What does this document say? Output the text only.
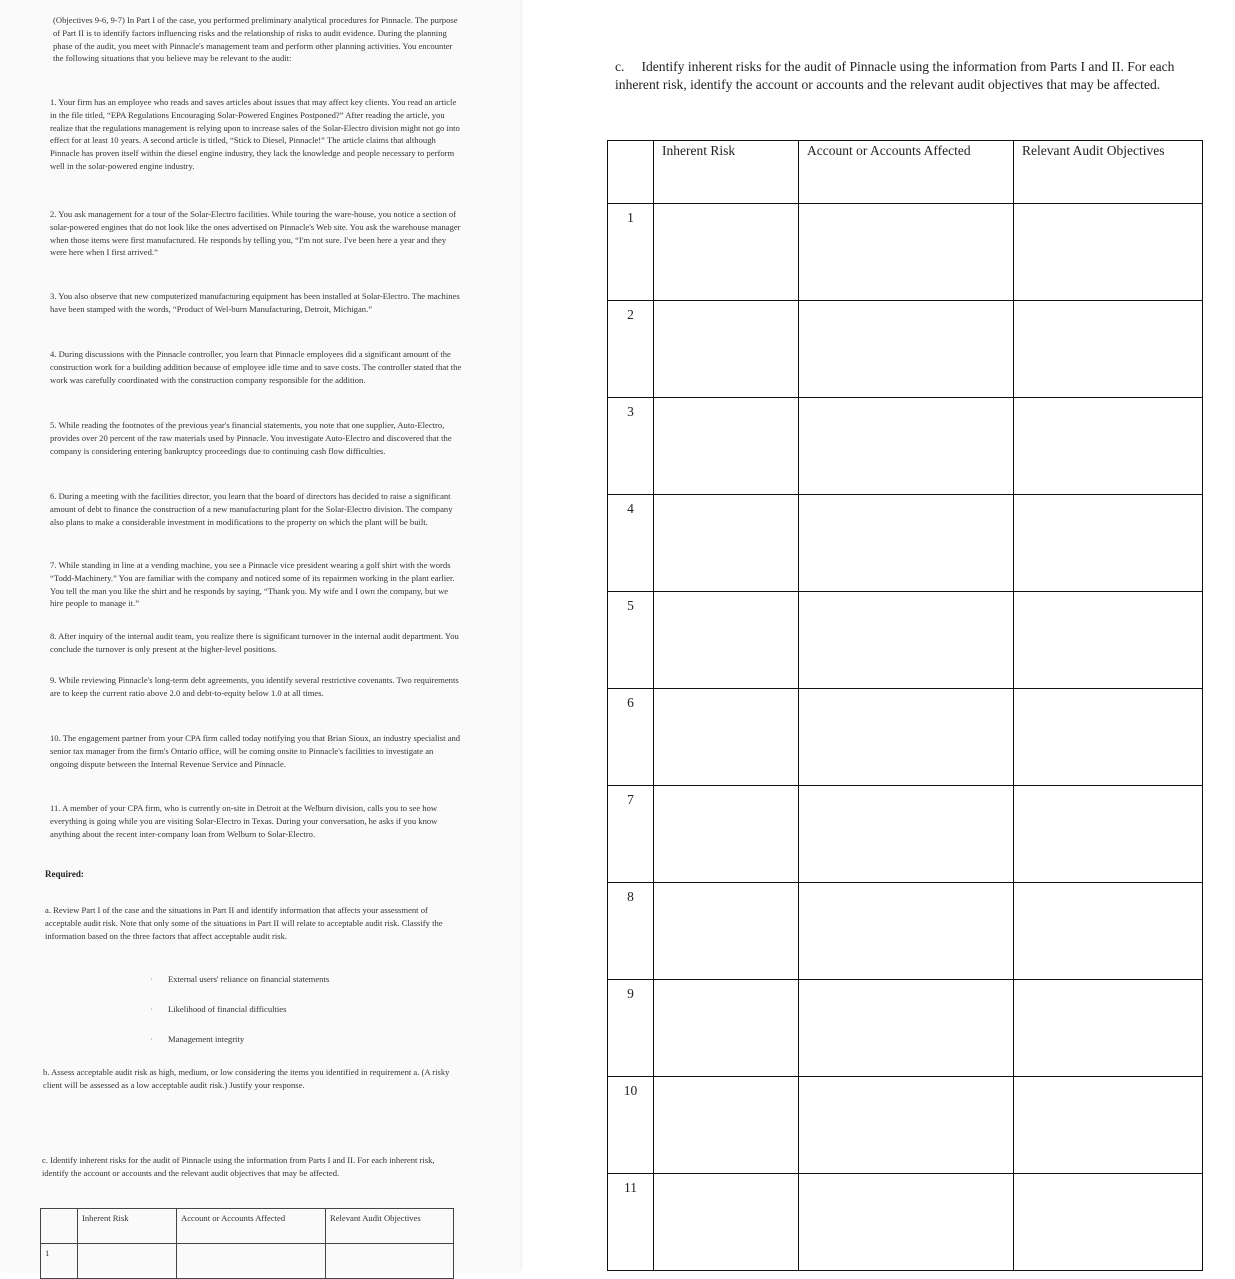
(Objectives 9-6, 9-7) In Part I of the case, you performed preliminary analytical procedures for Pinnacle. The purpose of Part II is to identify factors influencing risks and the relationship of risks to audit evidence. During the planning phase of the audit, you meet with Pinnacle's management team and perform other planning activities. You encounter the following situations that you believe may be relevant to the audit:

1. Your firm has an employee who reads and saves articles about issues that may affect key clients. You read an article in the file titled, “EPA Regulations Encouraging Solar-Powered Engines Postponed?” After reading the article, you realize that the regulations management is relying upon to increase sales of the Solar-Electro division might not go into effect for at least 10 years. A second article is titled, “Stick to Diesel, Pinnacle!” The article claims that although Pinnacle has proven itself within the diesel engine industry, they lack the knowledge and people necessary to perform well in the solar-powered engine industry.

2. You ask management for a tour of the Solar-Electro facilities. While touring the ware-house, you notice a section of solar-powered engines that do not look like the ones advertised on Pinnacle's Web site. You ask the warehouse manager when those items were first manufactured. He responds by telling you, “I'm not sure. I've been here a year and they were here when I first arrived.”

3. You also observe that new computerized manufacturing equipment has been installed at Solar-Electro. The machines have been stamped with the words, “Product of Wel-burn Manufacturing, Detroit, Michigan.”

4. During discussions with the Pinnacle controller, you learn that Pinnacle employees did a significant amount of the construction work for a building addition because of employee idle time and to save costs. The controller stated that the work was carefully coordinated with the construction company responsible for the addition.

5. While reading the footnotes of the previous year's financial statements, you note that one supplier, Auto-Electro, provides over 20 percent of the raw materials used by Pinnacle. You investigate Auto-Electro and discovered that the company is considering entering bankruptcy proceedings due to continuing cash flow difficulties.

6. During a meeting with the facilities director, you learn that the board of directors has decided to raise a significant amount of debt to finance the construction of a new manufacturing plant for the Solar-Electro division. The company also plans to make a considerable investment in modifications to the property on which the plant will be built.

7. While standing in line at a vending machine, you see a Pinnacle vice president wearing a golf shirt with the words “Todd-Machinery.” You are familiar with the company and noticed some of its repairmen working in the plant earlier. You tell the man you like the shirt and he responds by saying, “Thank you. My wife and I own the company, but we hire people to manage it.”

8. After inquiry of the internal audit team, you realize there is significant turnover in the internal audit department. You conclude the turnover is only present at the higher-level positions.

9. While reviewing Pinnacle's long-term debt agreements, you identify several restrictive covenants. Two requirements are to keep the current ratio above 2.0 and debt-to-equity below 1.0 at all times.

10. The engagement partner from your CPA firm called today notifying you that Brian Sioux, an industry specialist and senior tax manager from the firm's Ontario office, will be coming onsite to Pinnacle's facilities to investigate an ongoing dispute between the Internal Revenue Service and Pinnacle.

11. A member of your CPA firm, who is currently on-site in Detroit at the Welburn division, calls you to see how everything is going while you are visiting Solar-Electro in Texas. During your conversation, he asks if you know anything about the recent inter-company loan from Welburn to Solar-Electro.

Required:

a. Review Part I of the case and the situations in Part II and identify information that affects your assessment of acceptable audit risk. Note that only some of the situations in Part II will relate to acceptable audit risk. Classify the information based on the three factors that affect acceptable audit risk.

· External users' reliance on financial statements
· Likelihood of financial difficulties
· Management integrity

b. Assess acceptable audit risk as high, medium, or low considering the items you identified in requirement a. (A risky client will be assessed as a low acceptable audit risk.) Justify your response.

c. Identify inherent risks for the audit of Pinnacle using the information from Parts I and II. For each inherent risk, identify the account or accounts and the relevant audit objectives that may be affected.

	Inherent Risk	Account or Accounts Affected	Relevant Audit Objectives
1			

c. Identify inherent risks for the audit of Pinnacle using the information from Parts I and II. For each inherent risk, identify the account or accounts and the relevant audit objectives that may be affected.

	Inherent Risk	Account or Accounts Affected	Relevant Audit Objectives
1			
2			
3			
4			
5			
6			
7			
8			
9			
10			
11			
